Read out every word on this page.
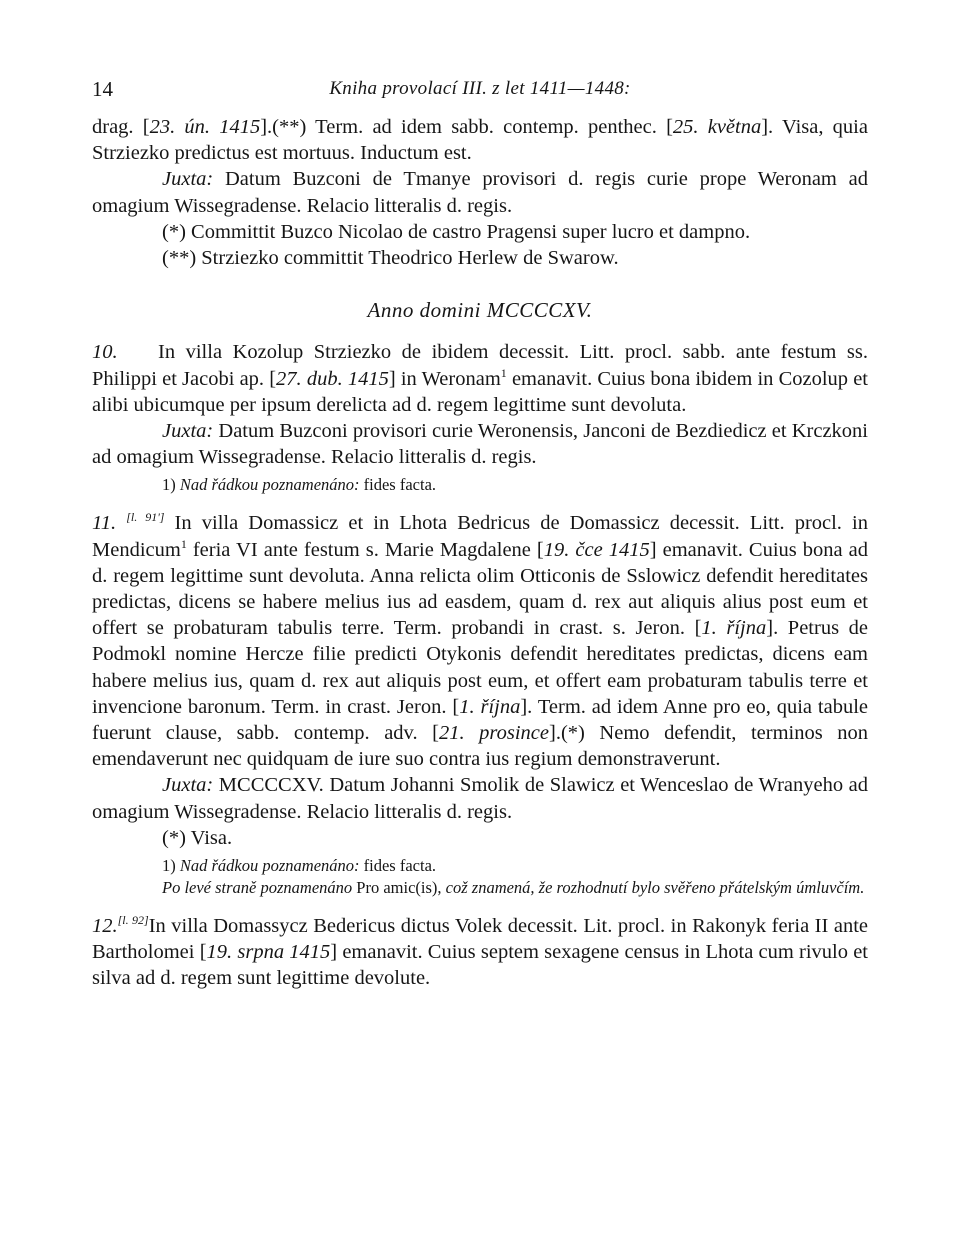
14	Kniha provolací III. z let 1411—1448:

drag. [23. ún. 1415].(**) Term. ad idem sabb. contemp. penthec. [25. května]. Visa, quia Strziezko predictus est mortuus. Inductum est.

Juxta: Datum Buzconi de Tmanye provisori d. regis curie prope Weronam ad omagium Wissegradense. Relacio litteralis d. regis.

(*) Committit Buzco Nicolao de castro Pragensi super lucro et dampno.

(**) Strziezko committit Theodrico Herlew de Swarow.

Anno domini MCCCCXV.

10. In villa Kozolup Strziezko de ibidem decessit. Litt. procl. sabb. ante festum ss. Philippi et Jacobi ap. [27. dub. 1415] in Weronam$^1$ emanavit. Cuius bona ibidem in Cozolup et alibi ubicumque per ipsum derelicta ad d. regem legittime sunt devoluta.

Juxta: Datum Buzconi provisori curie Weronensis, Janconi de Bezdiedicz et Krczkoni ad omagium Wissegradense. Relacio litteralis d. regis.

1) Nad řádkou poznamenáno: fides facta.

11. [l. 91'] In villa Domassicz et in Lhota Bedricus de Domassicz decessit. Litt. procl. in Mendicum$^1$ feria VI ante festum s. Marie Magdalene [19. čce 1415] emanavit. Cuius bona ad d. regem legittime sunt devoluta. Anna relicta olim Otticonis de Sslowicz defendit hereditates predictas, dicens se habere melius ius ad easdem, quam d. rex aut aliquis alius post eum et offert se probaturam tabulis terre. Term. probandi in crast. s. Jeron. [1. října]. Petrus de Podmokl nomine Hercze filie predicti Otykonis defendit hereditates predictas, dicens eam habere melius ius, quam d. rex aut aliquis post eum, et offert eam probaturam tabulis terre et invencione baronum. Term. in crast. Jeron. [1. října]. Term. ad idem Anne pro eo, quia tabule fuerunt clause, sabb. contemp. adv. [21. prosince].(*) Nemo defendit, terminos non emendaverunt nec quidquam de iure suo contra ius regium demonstraverunt.

Juxta: MCCCCXV. Datum Johanni Smolik de Slawicz et Wenceslao de Wranyeho ad omagium Wissegradense. Relacio litteralis d. regis.

(*) Visa.

1) Nad řádkou poznamenáno: fides facta.

Po levé straně poznamenáno Pro amic(is), což znamená, že rozhodnutí bylo svěřeno přátelským úmluvčím.

12.[l. 92]In villa Domassycz Bedericus dictus Volek decessit. Lit. procl. in Rakonyk feria II ante Bartholomei [19. srpna 1415] emanavit. Cuius septem sexagene census in Lhota cum rivulo et silva ad d. regem sunt legittime devolute.
